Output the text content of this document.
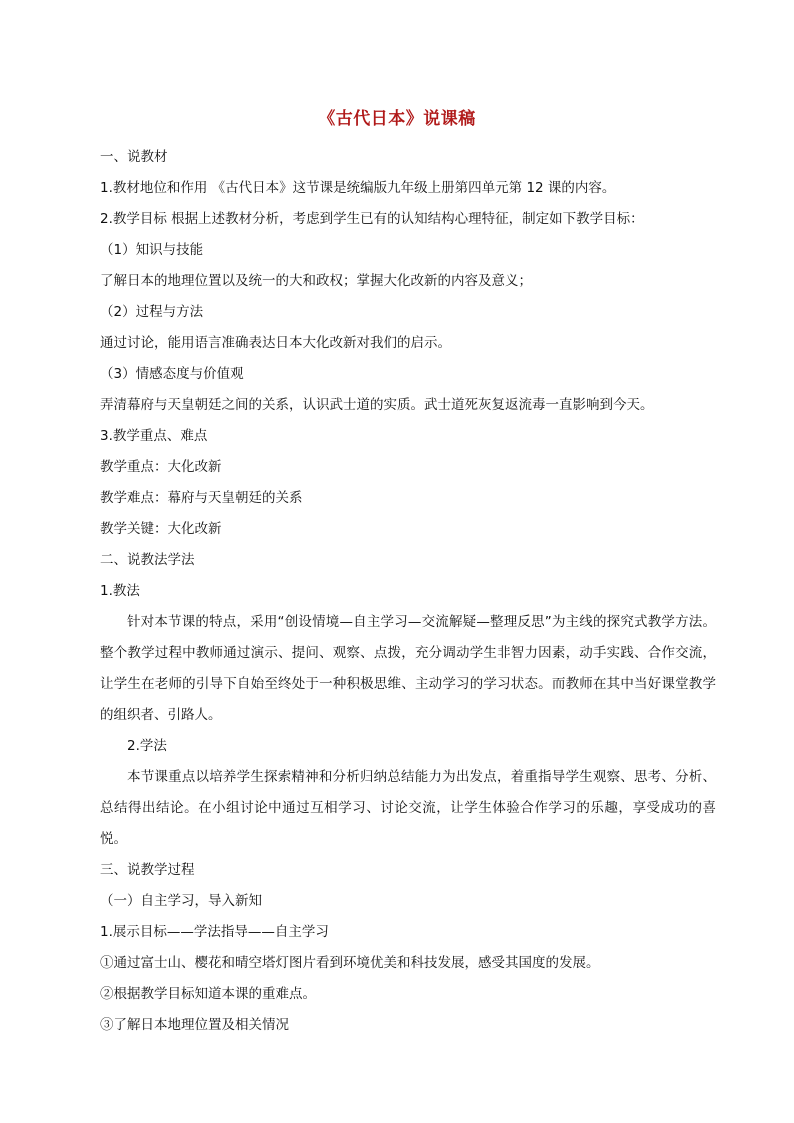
《古代日本》说课稿

一、说教材

1.教材地位和作用 《古代日本》这节课是统编版九年级上册第四单元第 12 课的内容。

2.教学目标 根据上述教材分析，考虑到学生已有的认知结构心理特征，制定如下教学目标：

（1）知识与技能

了解日本的地理位置以及统一的大和政权；掌握大化改新的内容及意义；

（2）过程与方法

通过讨论，能用语言准确表达日本大化改新对我们的启示。

（3）情感态度与价值观

弄清幕府与天皇朝廷之间的关系，认识武士道的实质。武士道死灰复返流毒一直影响到今天。

3.教学重点、难点

教学重点：大化改新

教学难点：幕府与天皇朝廷的关系

教学关键：大化改新

二、说教法学法

1.教法

针对本节课的特点，采用“创设情境—自主学习—交流解疑—整理反思”为主线的探究式教学方法。整个教学过程中教师通过演示、提问、观察、点拨，充分调动学生非智力因素，动手实践、合作交流，让学生在老师的引导下自始至终处于一种积极思维、主动学习的学习状态。而教师在其中当好课堂教学 的组织者、引路人。

2.学法

本节课重点以培养学生探索精神和分析归纳总结能力为出发点，着重指导学生观察、思考、分析、总结得出结论。在小组讨论中通过互相学习、讨论交流，让学生体验合作学习的乐趣，享受成功的喜悦。

三、说教学过程

（一）自主学习，导入新知

1.展示目标——学法指导——自主学习

①通过富士山、樱花和晴空塔灯图片看到环境优美和科技发展，感受其国度的发展。

②根据教学目标知道本课的重难点。

③了解日本地理位置及相关情况
